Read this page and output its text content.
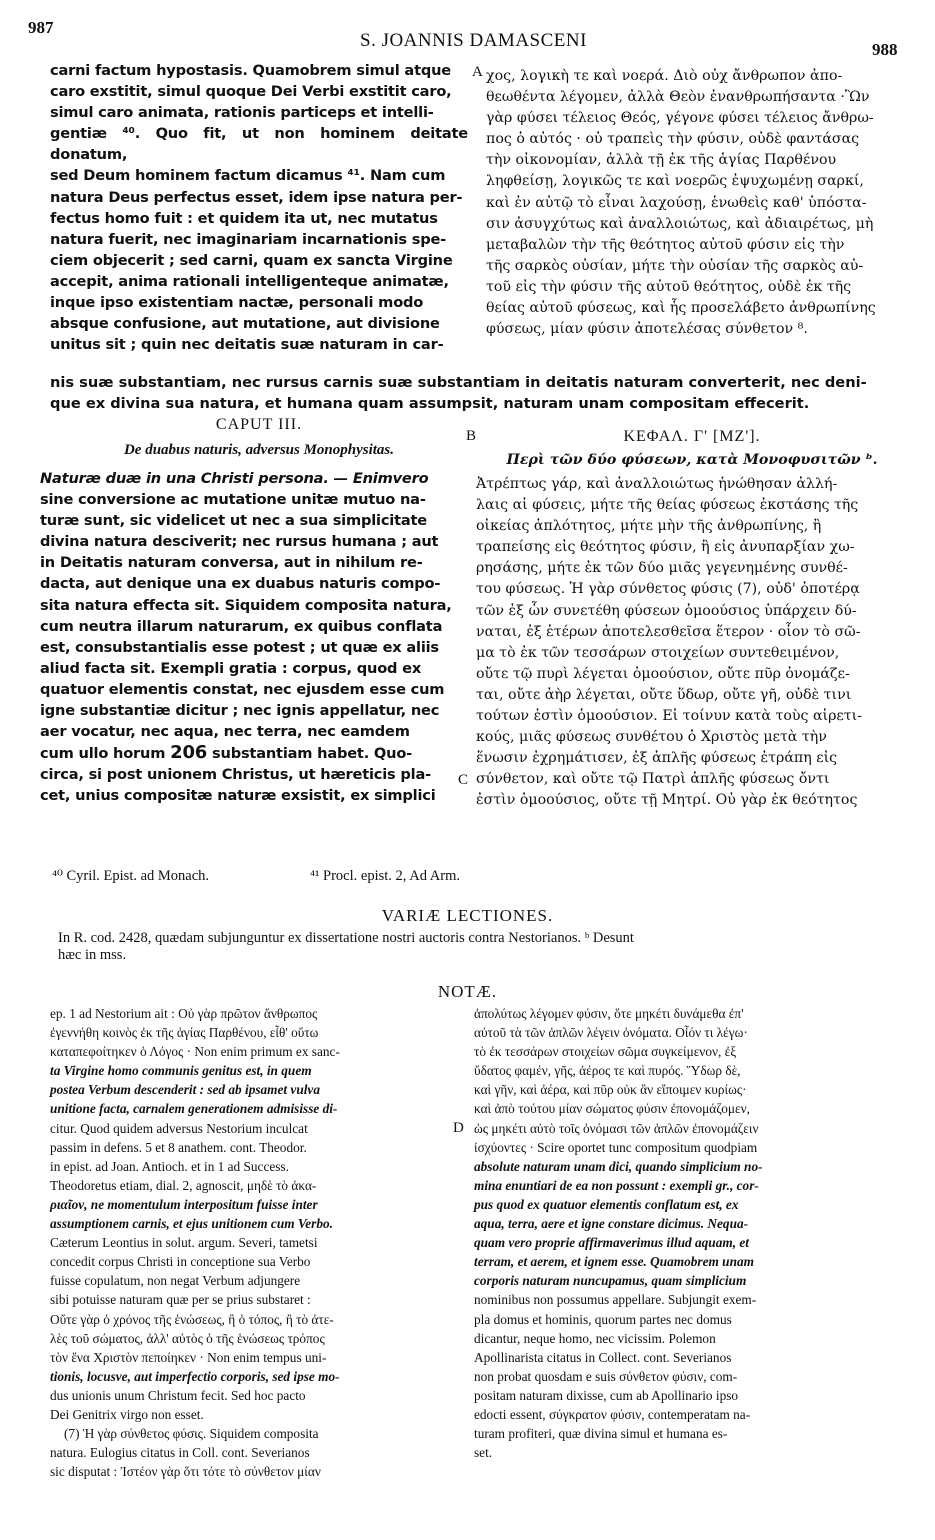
987
S. JOANNIS DAMASCENI	988
A
B
C
D
carni factum hypostasis. Quamobrem simul atque
caro exstitit, simul quoque Dei Verbi exstitit caro,
simul caro animata, rationis particeps et intelli-
gentiæ ⁴⁰. Quo fit, ut non hominem deitate donatum,
sed Deum hominem factum dicamus ⁴¹. Nam cum
natura Deus perfectus esset, idem ipse natura per-
fectus homo fuit : et quidem ita ut, nec mutatus
natura fuerit, nec imaginariam incarnationis spe-
ciem objecerit ; sed carni, quam ex sancta Virgine
accepit, anima rationali intelligenteque animatæ,
inque ipso existentiam nactæ, personali modo
absque confusione, aut mutatione, aut divisione
unitus sit ; quin nec deitatis suæ naturam in car-
χος, λογικὴ τε καὶ νοερά. Διὸ οὐχ ἄνθρωπον ἀπο-
θεωθέντα λέγομεν, ἀλλὰ Θεὸν ἐνανθρωπήσαντα ·Ὢν
γὰρ φύσει τέλειος Θεός, γέγονε φύσει τέλειος ἄνθρω-
πος ὁ αὐτός · οὐ τραπεὶς τὴν φύσιν, οὐδὲ φαντάσας
τὴν οἰκονομίαν, ἀλλὰ τῇ ἐκ τῆς ἁγίας Παρθένου
ληφθείσῃ, λογικῶς τε καὶ νοερῶς ἐψυχωμένῃ σαρκί,
καὶ ἐν αὐτῷ τὸ εἶναι λαχούσῃ, ἑνωθεὶς καθ' ὑπόστα-
σιν ἀσυγχύτως καὶ ἀναλλοιώτως, καὶ ἀδιαιρέτως, μὴ
μεταβαλὼν τὴν τῆς θεότητος αὐτοῦ φύσιν εἰς τὴν
τῆς σαρκὸς οὐσίαν, μήτε τὴν οὐσίαν τῆς σαρκὸς αὐ-
τοῦ εἰς τὴν φύσιν τῆς αὐτοῦ θεότητος, οὐδὲ ἐκ τῆς
θείας αὐτοῦ φύσεως, καὶ ἧς προσελάβετο ἀνθρωπίνης
φύσεως, μίαν φύσιν ἀποτελέσας σύνθετον ⁸.
nis suæ substantiam, nec rursus carnis suæ substantiam in deitatis naturam converterit, nec deni-
que ex divina sua natura, et humana quam assumpsit, naturam unam compositam effecerit.
CAPUT III.
De duabus naturis, adversus Monophysitas.
ΚΕΦΑΛ. Γ' [ΜΖ'].
Περὶ τῶν δύο φύσεων, κατὰ Μονοφυσιτῶν ᵇ.
Naturæ duæ in una Christi persona. — Enimvero
sine conversione ac mutatione unitæ mutuo na-
turæ sunt, sic videlicet ut nec a sua simplicitate
divina natura desciverit; nec rursus humana ; aut
in Deitatis naturam conversa, aut in nihilum re-
dacta, aut denique una ex duabus naturis compo-
sita natura effecta sit. Siquidem composita natura,
cum neutra illarum naturarum, ex quibus conflata
est, consubstantialis esse potest ; ut quæ ex aliis
aliud facta sit. Exempli gratia : corpus, quod ex
quatuor elementis constat, nec ejusdem esse cum
igne substantiæ dicitur ; nec ignis appellatur, nec
aer vocatur, nec aqua, nec terra, nec eamdem
cum ullo horum 206 substantiam habet. Quo-
circa, si post unionem Christus, ut hæreticis pla-
cet, unius compositæ naturæ exsistit, ex simplici
Ἀτρέπτως γάρ, καὶ ἀναλλοιώτως ἡνώθησαν ἀλλή-
λαις αἱ φύσεις, μήτε τῆς θείας φύσεως ἐκστάσης τῆς
οἰκείας ἁπλότητος, μήτε μὴν τῆς ἀνθρωπίνης, ἢ
τραπείσης εἰς θεότητος φύσιν, ἢ εἰς ἀνυπαρξίαν χω-
ρησάσης, μήτε ἐκ τῶν δύο μιᾶς γεγενημένης συνθέ-
του φύσεως. Ἡ γὰρ σύνθετος φύσις (7), οὐδ' ὁποτέρᾳ
τῶν ἐξ ὧν συνετέθη φύσεων ὁμοούσιος ὑπάρχειν δύ-
ναται, ἐξ ἑτέρων ἀποτελεσθεῖσα ἕτερον · οἷον τὸ σῶ-
μα τὸ ἐκ τῶν τεσσάρων στοιχείων συντεθειμένον,
οὔτε τῷ πυρὶ λέγεται ὁμοούσιον, οὔτε πῦρ ὀνομάζε-
ται, οὔτε ἀὴρ λέγεται, οὔτε ὕδωρ, οὔτε γῆ, οὐδὲ τινι
τούτων ἐστὶν ὁμοούσιον. Εἰ τοίνυν κατὰ τοὺς αἱρετι-
κούς, μιᾶς φύσεως συνθέτου ὁ Χριστὸς μετὰ τὴν
ἕνωσιν ἐχρημάτισεν, ἐξ ἁπλῆς φύσεως ἐτράπη εἰς
σύνθετον, καὶ οὔτε τῷ Πατρὶ ἁπλῆς φύσεως ὄντι
ἐστὶν ὁμοούσιος, οὔτε τῇ Μητρί. Οὐ γὰρ ἐκ θεότητος
⁴⁰ Cyril. Epist. ad Monach.	⁴¹ Procl. epist. 2, Ad Arm.
VARIÆ LECTIONES.
In R. cod. 2428, quædam subjunguntur ex dissertatione nostri auctoris contra Nestorianos. ᵇ Desunt
hæc in mss.
NOTÆ.
ep. 1 ad Nestorium ait : Οὐ γὰρ πρῶτον ἄνθρωπος
ἐγεννήθη κοινὸς ἐκ τῆς ἁγίας Παρθένου, εἶθ' οὕτω
καταπεφοίτηκεν ὁ Λόγος · Non enim primum ex sanc-
ta Virgine homo communis genitus est, in quem
postea Verbum descenderit : sed ab ipsamet vulva
unitione facta, carnalem generationem admisisse di-
citur. Quod quidem adversus Nestorium inculcat
passim in defens. 5 et 8 anathem. cont. Theodor.
in epist. ad Joan. Antioch. et in 1 ad Success.
Theodoretus etiam, dial. 2, agnoscit, μηδὲ τὸ ἀκα-
ριαῖον, ne momentulum interpositum fuisse inter
assumptionem carnis, et ejus unitionem cum Verbo.
Cæterum Leontius in solut. argum. Severi, tametsi
concedit corpus Christi in conceptione sua Verbo
fuisse copulatum, non negat Verbum adjungere
sibi potuisse naturam quæ per se prius substaret :
Οὔτε γὰρ ὁ χρόνος τῆς ἑνώσεως, ἢ ὁ τόπος, ἢ τὸ ἀτε-
λὲς τοῦ σώματος, ἀλλ' αὐτὸς ὁ τῆς ἑνώσεως τρόπος
τὸν ἕνα Χριστὸν πεποίηκεν · Non enim tempus uni-
tionis, locusve, aut imperfectio corporis, sed ipse mo-
dus unionis unum Christum fecit. Sed hoc pacto
Dei Genitrix virgo non esset.
(7) Ἡ γὰρ σύνθετος φύσις. Siquidem composita
natura. Eulogius citatus in Coll. cont. Severianos
sic disputat : Ἰστέον γὰρ ὅτι τότε τὸ σύνθετον μίαν
ἀπολύτως λέγομεν φύσιν, ὅτε μηκέτι δυνάμεθα ἐπ'
αὐτοῦ τὰ τῶν ἁπλῶν λέγειν ὀνόματα. Οἷόν τι λέγω·
τὸ ἐκ τεσσάρων στοιχείων σῶμα συγκείμενον, ἐξ
ὕδατος φαμέν, γῆς, ἀέρος τε καὶ πυρός. Ὕδωρ δὲ,
καὶ γῆν, καὶ ἀέρα, καὶ πῦρ οὐκ ἂν εἴποιμεν κυρίως·
καὶ ἀπὸ τούτου μίαν σώματος φύσιν ἐπονομάζομεν,
ὡς μηκέτι αὐτὸ τοῖς ὀνόμασι τῶν ἁπλῶν ἐπονομάζειν
ἰσχύοντες · Scire oportet tunc compositum quodpiam
absolute naturam unam dici, quando simplicium no-
mina enuntiari de ea non possunt : exempli gr., cor-
pus quod ex quatuor elementis conflatum est, ex
aqua, terra, aere et igne constare dicimus. Nequa-
quam vero proprie affirmaverimus illud aquam, et
terram, et aerem, et ignem esse. Quamobrem unam
corporis naturam nuncupamus, quam simplicium
nominibus non possumus appellare. Subjungit exem-
pla domus et hominis, quorum partes nec domus
dicantur, neque homo, nec vicissim. Polemon
Apollinarista citatus in Collect. cont. Severianos
non probat quosdam e suis σύνθετον φύσιν, com-
positam naturam dixisse, cum ab Apollinario ipso
edocti essent, σύγκρατον φύσιν, contemperatam na-
turam profiteri, quæ divina simul et humana es-
set.
